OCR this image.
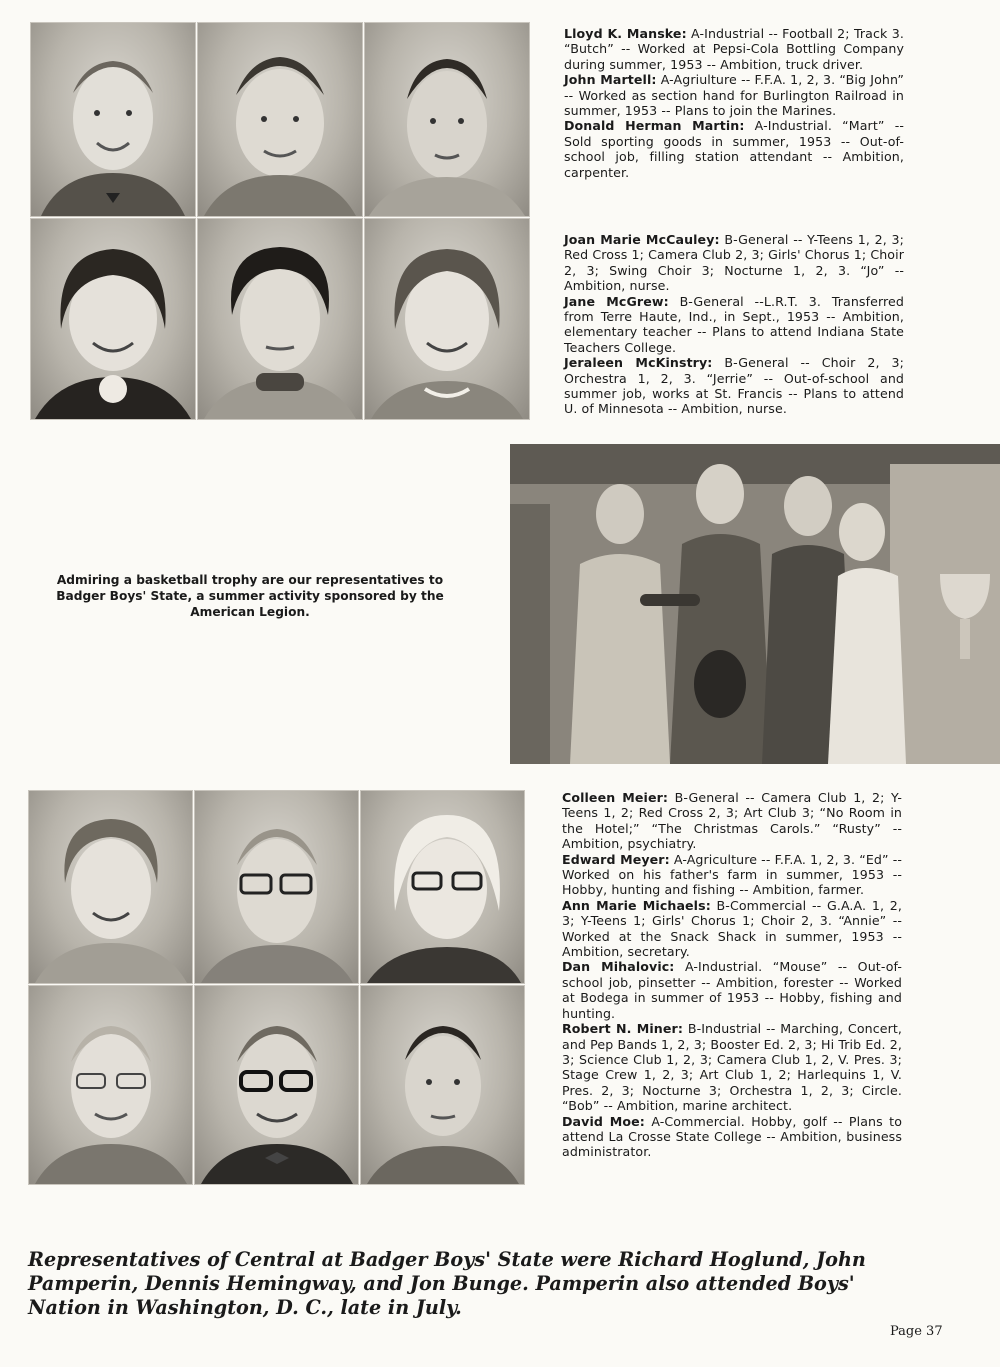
Lloyd K. Manske: A-Industrial -- Football 2; Track 3. “Butch” -- Worked at Pepsi-Cola Bottling Company during summer, 1953 -- Ambition, truck driver.

John Martell: A-Agriulture -- F.F.A. 1, 2, 3. “Big John” -- Worked as section hand for Burlington Railroad in summer, 1953 -- Plans to join the Marines.

Donald Herman Martin: A-Industrial. “Mart” -- Sold sporting goods in summer, 1953 -- Out-of-school job, filling station attendant -- Ambition, carpenter.

Joan Marie McCauley: B-General -- Y-Teens 1, 2, 3; Red Cross 1; Camera Club 2, 3; Girls' Chorus 1; Choir 2, 3; Swing Choir 3; Nocturne 1, 2, 3. “Jo” -- Ambition, nurse.

Jane McGrew: B-General --L.R.T. 3. Transferred from Terre Haute, Ind., in Sept., 1953 -- Ambition, elementary teacher -- Plans to attend Indiana State Teachers College.

Jeraleen McKinstry: B-General -- Choir 2, 3; Orchestra 1, 2, 3. “Jerrie” -- Out-of-school and summer job, works at St. Francis -- Plans to attend U. of Minnesota -- Ambition, nurse.

Admiring a basketball trophy are our representatives to Badger Boys' State, a summer activity sponsored by the American Legion.

Colleen Meier: B-General -- Camera Club 1, 2; Y-Teens 1, 2; Red Cross 2, 3; Art Club 3; “No Room in the Hotel;” “The Christmas Carols.” “Rusty” -- Ambition, psychiatry.

Edward Meyer: A-Agriculture -- F.F.A. 1, 2, 3. “Ed” -- Worked on his father's farm in summer, 1953 -- Hobby, hunting and fishing -- Ambition, farmer.

Ann Marie Michaels: B-Commercial -- G.A.A. 1, 2, 3; Y-Teens 1; Girls' Chorus 1; Choir 2, 3. “Annie” -- Worked at the Snack Shack in summer, 1953 -- Ambition, secretary.

Dan Mihalovic: A-Industrial. “Mouse” -- Out-of-school job, pinsetter -- Ambition, forester -- Worked at Bodega in summer of 1953 -- Hobby, fishing and hunting.

Robert N. Miner: B-Industrial -- Marching, Concert, and Pep Bands 1, 2, 3; Booster Ed. 2, 3; Hi Trib Ed. 2, 3; Science Club 1, 2, 3; Camera Club 1, 2, V. Pres. 3; Stage Crew 1, 2, 3; Art Club 1, 2; Harlequins 1, V. Pres. 2, 3; Nocturne 3; Orchestra 1, 2, 3; Circle. “Bob” -- Ambition, marine architect.

David Moe: A-Commercial. Hobby, golf -- Plans to attend La Crosse State College -- Ambition, business administrator.

Representatives of Central at Badger Boys' State were Richard Hoglund, John Pamperin, Dennis Hemingway, and Jon Bunge. Pamperin also attended Boys' Nation in Washington, D. C., late in July.
Page 37
